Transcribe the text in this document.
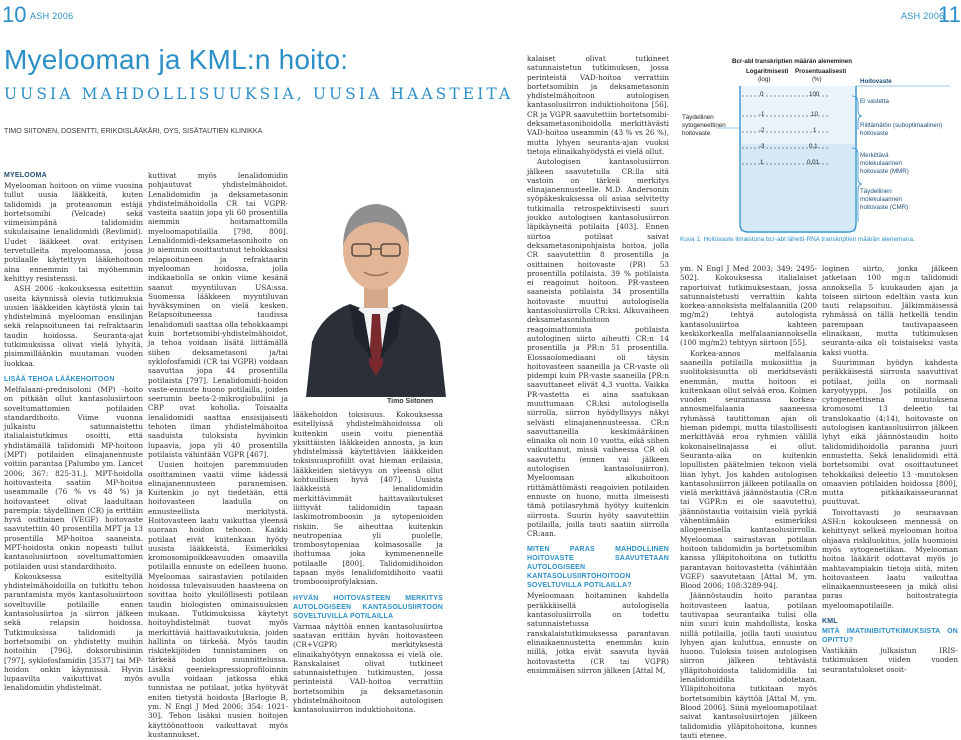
10 ASH 2006	ASH 2006
11
Myelooman ja KML:n hoito:
UUSIA MAHDOLLISUUKSIA, UUSIA HAASTEITA
TIMO SIITONEN, DOSENTTI, ERIKOISLÄÄKÄRI, OYS, SISÄTAUTIEN KLINIKKA
MYELOOMA

Myelooman hoitoon on viime vuosina tullut uusia lääkkeitä, kuten talidomidi ja proteasomin estäjä bortetsomibi (Velcade) sekä viimeisimpänä talidomidin sukulaisaine lenalidomidi (Revlimid). Uudet lääkkeet ovat erityisen tervetulleita myeloomassa, jossa potilaalle käytettyyn lääkehoitoon aina ennemmin tai myöhemmin kehittyy resistenssi.

ASH 2006 -kokouksessa esitettiin useita käynnissä olevia tutkimuksia uusien lääkkeiden käytöstä yksin tai yhdistelminä myelooman ensilinjan sekä relapsoituneen tai refraktaarin taudin hoidossa. Seuranta-ajat tutkimuksissa olivat vielä lyhyitä, pisimmilläänkin muutaman vuoden luokkaa.

LISÄÄ TEHOA LÄÄKEHOITOON

Melfalaani-prednisoloni (MP) -hoito on pitkään ollut kantasolusiirtoon soveltumattomien potilaiden standardihoito. Viime vuonna julkaistu satunnaistettu italialaistutkimus osoitti, että yhdistämällä talidomidi MP-hoitoon (MPT) potilaiden elinajanennuste voitiin parantaa [Palumbo ym. Lancet 2006; 367: 825-31.]. MPT-hoidolla hoitovasteita saatiin MP-hoitoa useammalle (76 % vs 48 %) ja hoitovasteet olivat laadultaan parempia: täydellinen (CR) ja erittäin hyvä osittainen (VEGF) hoitovaste saavutettiin 40 prosentilla MPT ja 13 prosentilla MP-hoitoa saaneista. MPT-hoidosta onkin nopeasti tullut kantasolusiirtoon soveltumattomien potilaiden uusi standardihoito.

Kokouksessa esiteltyillä yhdistelmähoidoilla on tutkittu tehon parantamista myös kantasolusiirtoon soveltuville potilaille ennen kantasolusiirtoa ja siirron jälkeen sekä relapsin hoidossa. Tutkimuksissa talidomidi ja bortetsomibi on yhdistetty muihin hoitoihin [796], doksorubisiinin [797], syklofosfamidin [3537] tai MP-hoidon onkin käynnissä. Hyvin lupaavilta vaikuttivat myös lenalidomidin yhdistelmät.

kuttivat myös lenalidomidin pohjautuvat yhdistelmähoidot. Lenalidomidin ja deksametasonin yhdistelmähoidolla CR tai VGPR-vasteita saatiin jopa yli 60 prosentilla aiemmin hoitamattomilla myeloomapotilailla [798, 800]. Lenalidomidi-deksametasonihoito on jo aiemmin osoittautunut tehokkaaksi relapsoituneen ja refraktaarin myelooman hoidossa, jolla indikaatiolla se onkin viime kesänä saanut myyntiluvan USA:ssa. Suomessa lääkkeen myyntiluvan hyväksyminen on vielä kesken. Relapsoituneessa taudissa lenalidomidi saattaa olla tehokkaampi kuin bortetsomibi-yhdistelmähoidot, ja tehoa voidaan lisätä liittämällä siihen deksametasoni ja/tai syklofosfamidi (CR tai VGPR) voidaan saavuttaa jopa 44 prosentilla potilaista [797]. Lenalidomidi-hoidon vaste-ennuste huono potilailla, joiden seerumin beeta-2-mikroglobuliini ja CRP ovat koholla. Toisaalta lenalidomidi saattaa ensisijaisesti tehoten ilman yhdistelmähoitoa saaduista tuloksista hyvinkin lupaavia, jopa yli 40 prosentilla potilaista vähintään VGPR [467].

Uusien hoitojen paremmuuden osoittaminen vaatii viime kädessä elinajanennusteen paranemisen. Kuitenkin jo nyt tiedetään, että hoitovasteen laadulla on ennusteellista merkitystä. Hoitovasteen laatu vaikuttaa yleensä suoraan hoidon tehoon. Kaikki potilaat eivät kuitenkaan hyödy uusista lääkkeistä. Esimerkiksi kromosomipoikkeavuuden omaavilla potilailla ennuste on edelleen huono. Myeloomaa sairastavien potilaiden hoidossa tulevaisuuden haasteena on sovittaa hoito yksilöllisesti potilaan taudin biologisten ominaisuuksien mukaan. Tutkimuksissa käytetyt hoitoyhdistelmät tuovat myös merkittäviä haittavaikutuksia, joiden hallinta on tärkeää. Myös taudin riskitekijöiden tunnistaminen on tärkeää hoidon suunnittelussa. Lisäksi geeniekspressioprofiloinnin avulla voidaan jatkossa ehkä tunnistaa ne potilaat, jotka hyötyvät eniten tietystä hoidosta [Barlogie B, ym. N Engl J Med 2006; 354: 1021-30]. Tehon lisäksi uusien hoitojen käyttöönottoon vaikuttavat myös kustannukset.

Timo Siitonen

lääkehoidon toksisuus. Kokouksessa esitellyissä yhdistelmähoidoissa oli kuitenkin usein voitu pienentää yksittäisten lääkkeiden annosta, ja kun yhdistelmissä käytettävien lääkkeiden toksisuusprofiilit ovat hieman erilaisia, lääkkeiden sietävyys on yleensä ollut kohtuullisen hyvä [407]. Uusista lääkkeistä lenalidomidin merkittävimmät haittavaikutukset liittyvät talidomidin tapaan laskimotromboosin ja sytopenioiden riskiin. Se aiheuttaa kuitenkin neutropeniaa yli puolelle, trombosytopeniaa kolmasosalle ja ihottumaa joka kymmenennelle potilaalle [800]. Talidomidihoidon tapaan myös lenalidomidihoito vaatii tromboosiprofylaksian.

HYVÄN HOITOVASTEEN MERKITYS AUTOLOGISEEN KANTASOLUSIIRTOON SOVELTUVILLA POTILAILLA

Varmaa näyttöä ennen kantasolusiirtoa saatavan erittäin hyvän hoitovasteen (CR+VGPR) merkityksestä elinaikahyötyyn ennakossa ei vielä ole. Ranskalaiset olivat tutkineet satunnaistettujen tutkimusten, jossa perinteistä VAD-hoitoa verrattiin bortetsomibin ja deksametasonin yhdistelmähoitoon autologisen kantasolusiirron induktiohoitona.

kalaiset olivat tutkineet satunnaistetun tutkimuksen, jossa perinteistä VAD-hoitoa verrattiin bortetsomibin ja deksametasonin yhdistelmähoitoon autologisen kantasolusiirron induktiohoitona [56]. CR ja VGPR saavutettiin bortetsomibi-deksametasonihoidolla merkittävästi VAD-hoitoa useammin (43 % vs 26 %), mutta lyhyen seuranta-ajan vuoksi tietoja elinaikahyödystä ei vielä ollut.

Autologisen kantasolusiirron jälkeen saavutetulla CR:lla sitä vastoin on tärkeä merkitys elinajanennusteelle. M.D. Andersonin syöpäkeskuksessa oli asiaa selvitetty tutkimalla retrospektiivisesti suuri joukko autologisen kantasolusiirron läpikäyneitä potilaita [403]. Ennen siirtoa potilaat saivat deksametasonipohjaista hoitoa, jolla CR saavutettiin 8 prosentilla ja osittainen hoitovaste (PR) 53 prosentilla potilaista. 39 % potilaista ei reagoinut hoitoon. PR-vasteen saaneista potilaista 34 prosentilla hoitovaste muuttui autologisella kantasolusiirrolla CR:ksi. Alkuvaiheen deksametasonihoitoon reagoimattomista potilaista autologinen siirto aiheutti CR:n 14 prosentilla ja PR:n 51 prosentilla. Elossaolomediaani oli täysin hoitovasteen saaneilla ja CR-vaste oli pidempi kuin PR-vaste saaneilla [PR:n saavuttaneet elivät 4,3 vuotta. Vaikka PR-vastetta ei aina saatukaan muuttumaan CR:ksi autologisella siirrolla, siirron hyödyllisyys näkyi selvästi elinajanennusteessa. CR:n saavuttaneilla keskimääräinen elinaika oli noin 10 vuotta, eikä siihen vaikuttanut, missä vaiheessa CR oli saavutettu (ennen vai jälkeen autologisen kantasolusiirron). Myeloomaan alkuhoitoon riittämättömästi reagoivien potilaiden ennuste on huono, mutta ilmeisesti tämä potilasryhmä hyötyy kuitenkin siirrosta. Suurin hyöty saavutettiin potilailla, joilla tauti saatiin siirrolla CR:aan.

MITEN PARAS MAHDOLLINEN HOITOVASTE SAAVUTETAAN AUTOLOGISEEN KANTASOLUSIIRTOHOITOON SOVELTUVILLA POTILAILLA?

Myeloomaan hoitaminen kahdella peräkkäisellä autologisella kantasolusiirrolla on todettu satunnaistetussa ranskalaistutkimuksessa parantavan elinaikaennustetta enemmän kuin niillä, jotka eivät saavuta hyvää hoitovastetta (CR tai VGPR) ensimmäisen siirron jälkeen [Attal M,

Bcr-abl transkriptien määrän aleneminen
Logaritmisesti
(log)
Prosentuaalisesti
(%)	Hoitovaste
Täydellinen
sytogeneettinen
hoitovaste
0
-1
-2
-3
1
100
10
1
0,1
0,01
Ei vastetta
Riittämätön (suboptimaalinen)
hoitovaste
Merkittävä
molekulaarinen
hoitovaste (MMR)
Täydellinen
molekulaarinen
hoitovaste (CMR)
Kuva 1: Hoitovaste ilmaistuna bcr-abl lähetti-RNA transkriptien määrän alenemana.

ym. N Engl J Med 2003; 349: 2495-502]. Kokouksessa italialaiset raportoivat tutkimuksestaan, jossa satunnaistetusti verrattiin kahta korkea-annoksista melfalaaniila (200 mg/m2) tehtyä autologista kantasolusiirtoa kahteen keskikorkealla melfalaaniannoksella (100 mg/m2) tehtyyn siirtoon [55].

Korkea-annos melfalaania saaneilla potilailla mukosiittia ja suolitoksisuutta oli merkitsevästi enemmän, mutta hoitoon ei kuitenkaan ollut selvää eroa. Kolmen vuoden seurannassa korkea-annosmelfalaania saaneessa ryhmässä tautittoman ajan oli hieman pidempi, mutta tilastollisesti merkittävää eroa ryhmien välillä kokonaiselinajassa ei ollut. Seuranta-aika on kuitenkin lopullisten päätelmien tekoon vielä liian lyhyt. Jos kahden autologisen kantasolusiirron jälkeen potilaalla on vielä merkittävä jäännöstautia (CR:n tai VGPR:n ei ole saavutettu), jäännöstautia voitaisiin vielä pyrkiä vähentämään esimerkiksi allogeenisella kantasolusiirrolla. Myeloomaa sairastavan potilaan hoitoon talidomidin ja bortetsomibin kanssa ylläpitohoitona on tutkittu parantavan hoitovastetta (vähintään VGEF) saavutetaan [Attal M, ym. Blood 2006; 108:3289-94].

Jäännöstaudin hoito parantaa hoitovasteen laatua, potilaan tautivapaa seurantaika tulisi olla niin suuri kuin mahdollista, koska niillä potilailla, joilla tauti uusiutuu lyhyen ajan kuluttua, ennuste on huono. Tuloksia toisen autologisen siirron jälkeen tehtävästä ylläpitohoidosta talidomidilla tai lenalidomidilla odotetaan. Ylläpitohoitona tutkitaan myös bortetsomibin käyttöä [Attal M, ym. Blood 2006]. Siinä myeloomapotilaat saivat kantasolusiirtojen jälkeen talidomidia ylläpitohoitona, kunnes tauti etenee.

loginen siirto, jonka jälkeen jatketaan 100 mg:n talidomidi annoksella 5 kuukauden ajan ja toiseen siirtoon edeltäin vasta kun tauti relapsoituu. Jälkimmäisessä ryhmässä on tällä hetkellä tendin parempaan tautivapaaseen elinaikaan, mutta tutkimuksen seuranta-aika oli toistaiseksi vasta kaksi vuotta.

Suurimman hyödyn kahdesta peräkkäisestä siirrosta saavuttivat potilaat, joilla on normaali karyotyyppi. Jos potilailla on cytogeneettisena muutoksena kromosomi 13 deleetio tai translokaatio (4;14), hoitovaste on autologisen kantasolusiirron jälkeen lyhyt eikä jäännöstaudin hoito talidomidihoidolla paranna juuri ennustetta. Sekä lenalidomidi että bortetsomibi ovat osoittautuneet tehokkaiksi deleetio 13 -muutoksen omaavien potilaiden hoidossa [800], mutta pitkäaikaisseurannat puuttuvat.

Toivottavasti jo seuraavaan ASH:n kokoukseen mennessä on kehittynyt selkeä myelooman hoitoa ohjaava riskiluokitus, jolla huomioisi myös sytogenetiikan. Myelooman hoitoa lääkärit odottavat myös jo mahtavampiakin tietoja siitä, miten hoitovasteen laatu vaikuttaa elinaikaennusteeseen ja mikä olisi paras hoitostrategia myeloomapotilaille.

KML
MITÄ IMATINIBITUTKIMUKSISTA ON OPITTU?

Vastikään julkaistun IRIS-tutkimuksen viiden vuoden seurantatulokset osoit-
